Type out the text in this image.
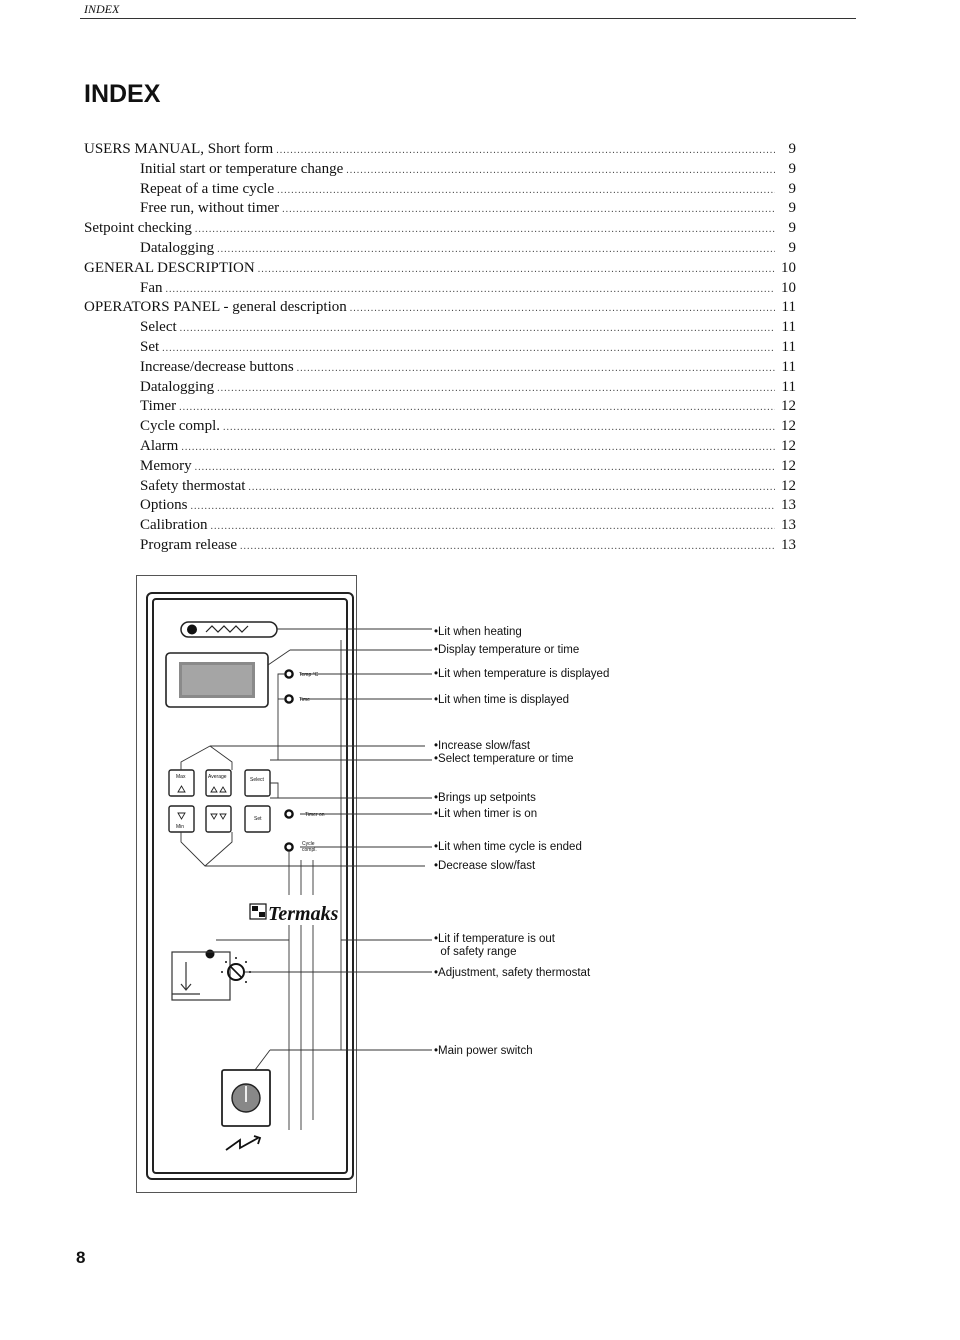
INDEX
INDEX
USERS MANUAL, Short form .....	9
Initial start or temperature change .....	9
Repeat of a time cycle .....	9
Free run, without timer .....	9
Setpoint checking .....	9
Datalogging .....	9
GENERAL DESCRIPTION .....	10
Fan .....	10
OPERATORS PANEL - general description .....	11
Select .....	11
Set .....	11
Increase/decrease buttons .....	11
Datalogging .....	11
Timer .....	12
Cycle compl. .....	12
Alarm .....	12
Memory .....	12
Safety thermostat .....	12
Options .....	13
Calibration .....	13
Program release .....	13
Termaks
Temp °C
Time
Max	Average	Select
Min
Set
Timer on
Cycle
compl.
•Lit when heating
•Display temperature or time
•Lit when temperature is displayed
•Lit when time is displayed
•Increase slow/fast
•Select temperature or time
•Brings up setpoints
•Lit when timer is on
•Lit when time cycle is ended
•Decrease slow/fast
•Lit if temperature is out
of safety range
•Adjustment, safety thermostat
•Main power switch
8
